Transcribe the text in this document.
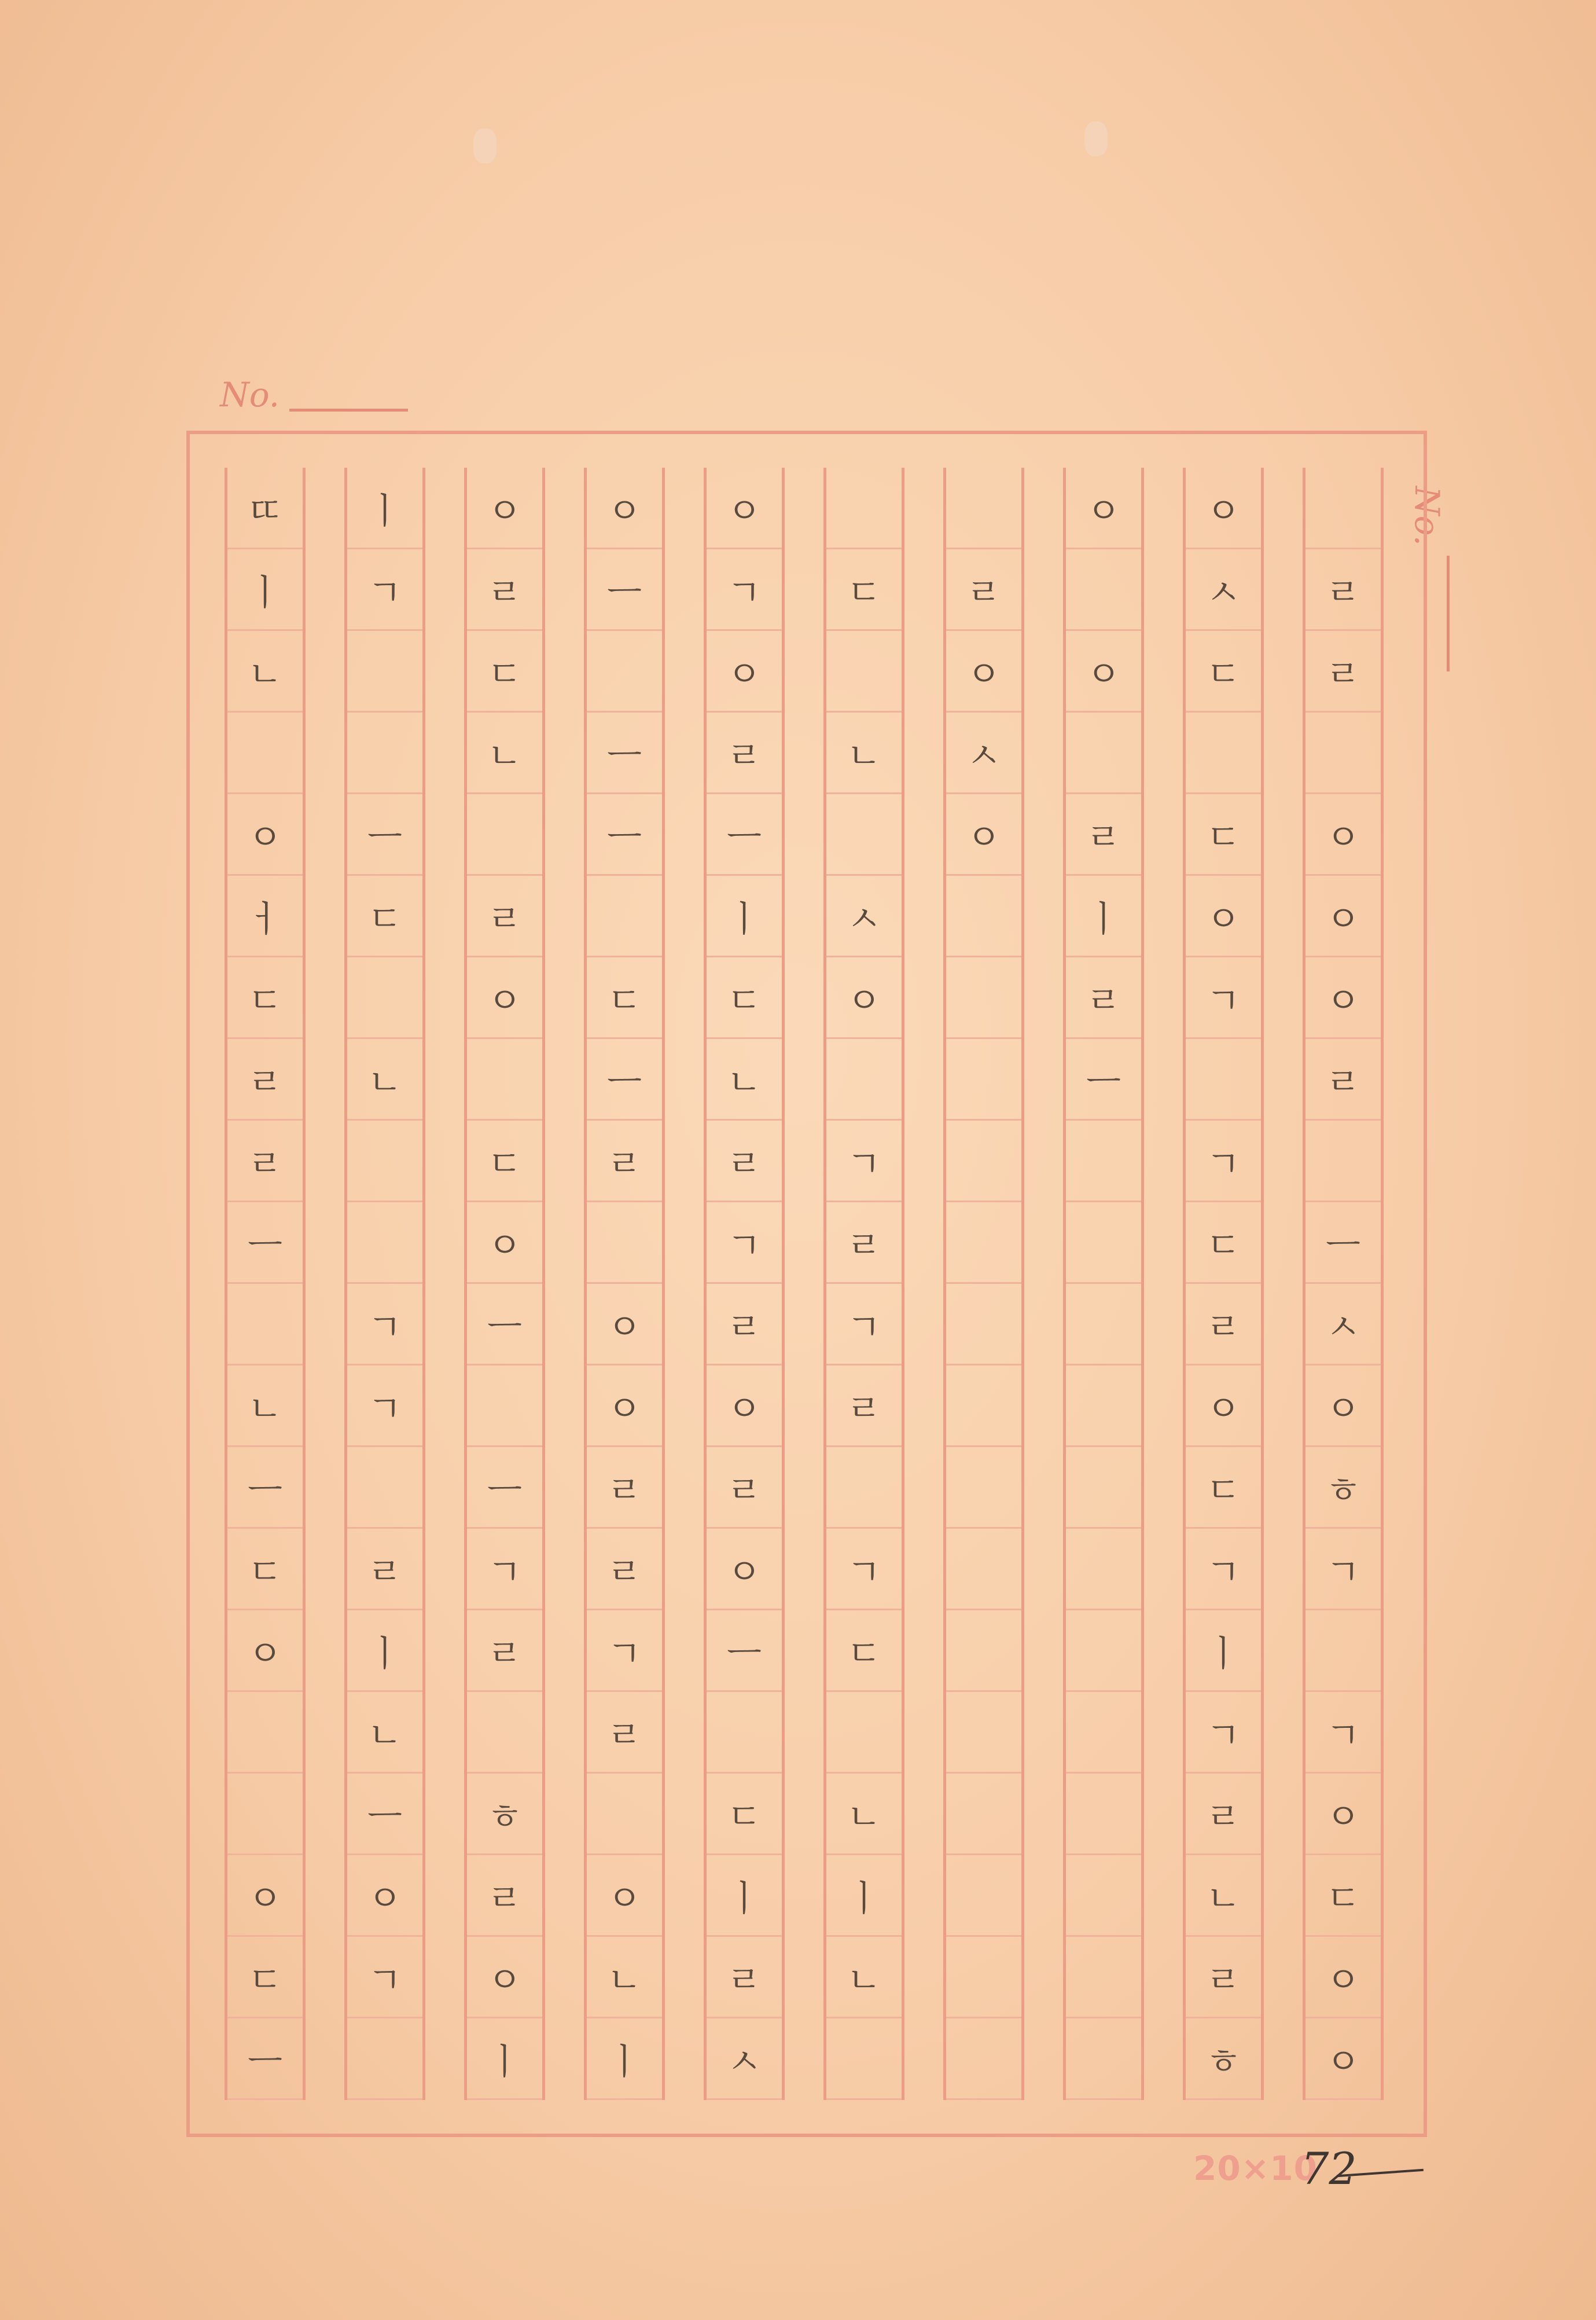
No.
No.
ㄸ
ㅣ
ㄴ
ㅇ
ㅓ
ㄷ
ㄹ
ㄹ
ㅡ
ㄴ
ㅡ
ㄷ
ㅇ
ㅇ
ㄷ
ㅡ
ㅣ
ㄱ
ㅡ
ㄷ
ㄴ
ㄱ
ㄱ
ㄹ
ㅣ
ㄴ
ㅡ
ㅇ
ㄱ
ㅇ
ㄹ
ㄷ
ㄴ
ㄹ
ㅇ
ㄷ
ㅇ
ㅡ
ㅡ
ㄱ
ㄹ
ㅎ
ㄹ
ㅇ
ㅣ
ㅇ
ㅡ
ㅡ
ㅡ
ㄷ
ㅡ
ㄹ
ㅇ
ㅇ
ㄹ
ㄹ
ㄱ
ㄹ
ㅇ
ㄴ
ㅣ
ㅇ
ㄱ
ㅇ
ㄹ
ㅡ
ㅣ
ㄷ
ㄴ
ㄹ
ㄱ
ㄹ
ㅇ
ㄹ
ㅇ
ㅡ
ㄷ
ㅣ
ㄹ
ㅅ
ㄷ
ㄴ
ㅅ
ㅇ
ㄱ
ㄹ
ㄱ
ㄹ
ㄱ
ㄷ
ㄴ
ㅣ
ㄴ
ㄹ
ㅇ
ㅅ
ㅇ
ㅇ
ㅇ
ㄹ
ㅣ
ㄹ
ㅡ
ㅇ
ㅅ
ㄷ
ㄷ
ㅇ
ㄱ
ㄱ
ㄷ
ㄹ
ㅇ
ㄷ
ㄱ
ㅣ
ㄱ
ㄹ
ㄴ
ㄹ
ㅎ
ㄹ
ㄹ
ㅇ
ㅇ
ㅇ
ㄹ
ㅡ
ㅅ
ㅇ
ㅎ
ㄱ
ㄱ
ㅇ
ㄷ
ㅇ
ㅇ
20×10
72
